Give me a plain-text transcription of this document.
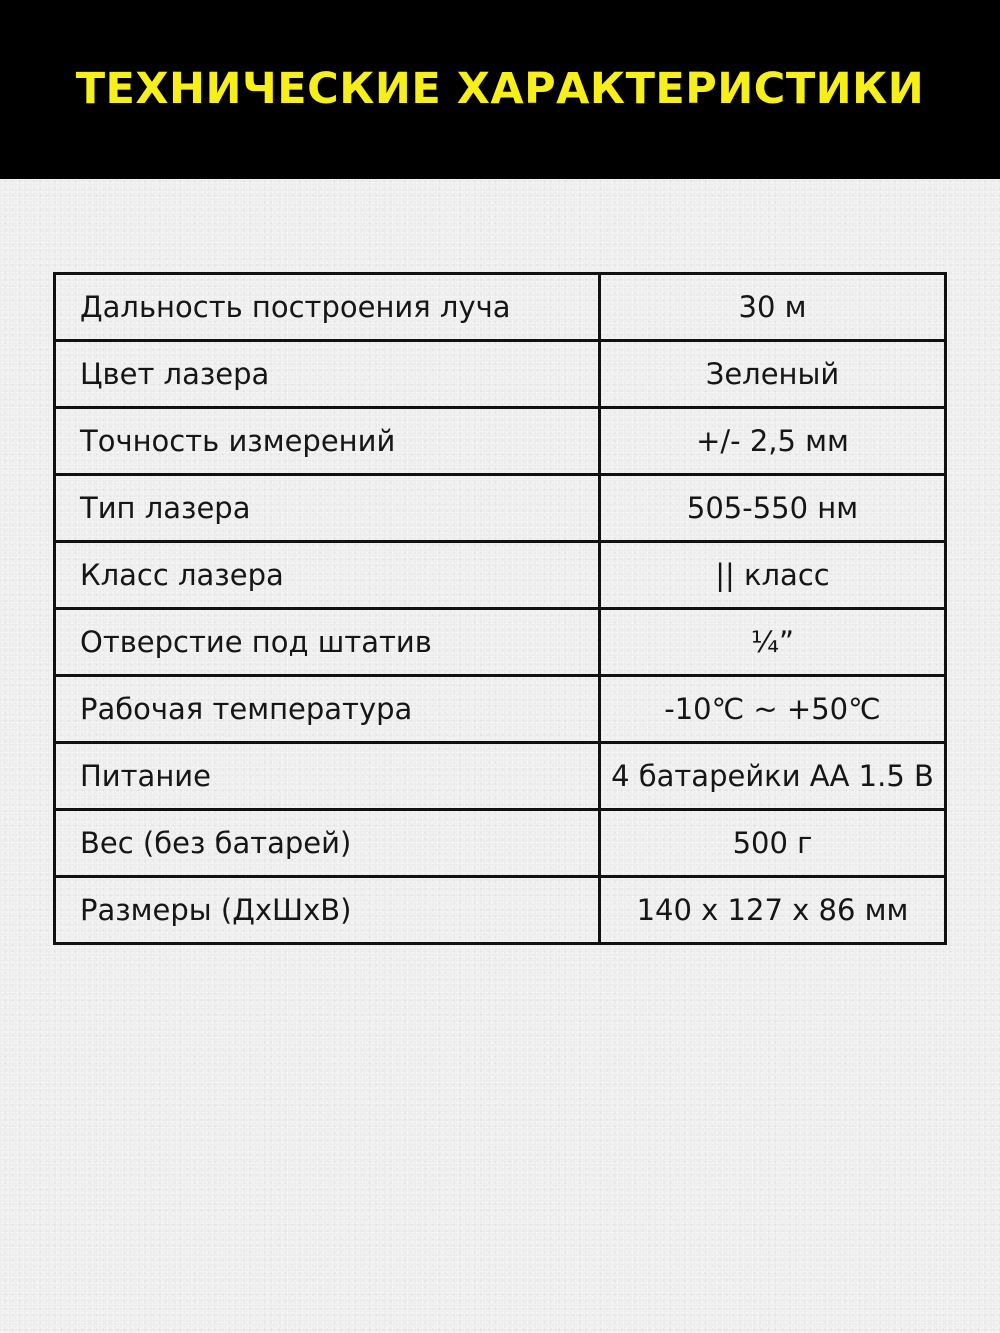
ТЕХНИЧЕСКИЕ ХАРАКТЕРИСТИКИ
Дальность построения луча	30 м
Цвет лазера	Зеленый
Точность измерений	+/- 2,5 мм
Тип лазера	505-550 нм
Класс лазера	|| класс
Отверстие под штатив	¼”
Рабочая температура	-10℃ ~ +50℃
Питание	4 батарейки АА 1.5 В
Вес (без батарей)	500 г
Размеры (ДхШхВ)	140 x 127 x 86 мм
